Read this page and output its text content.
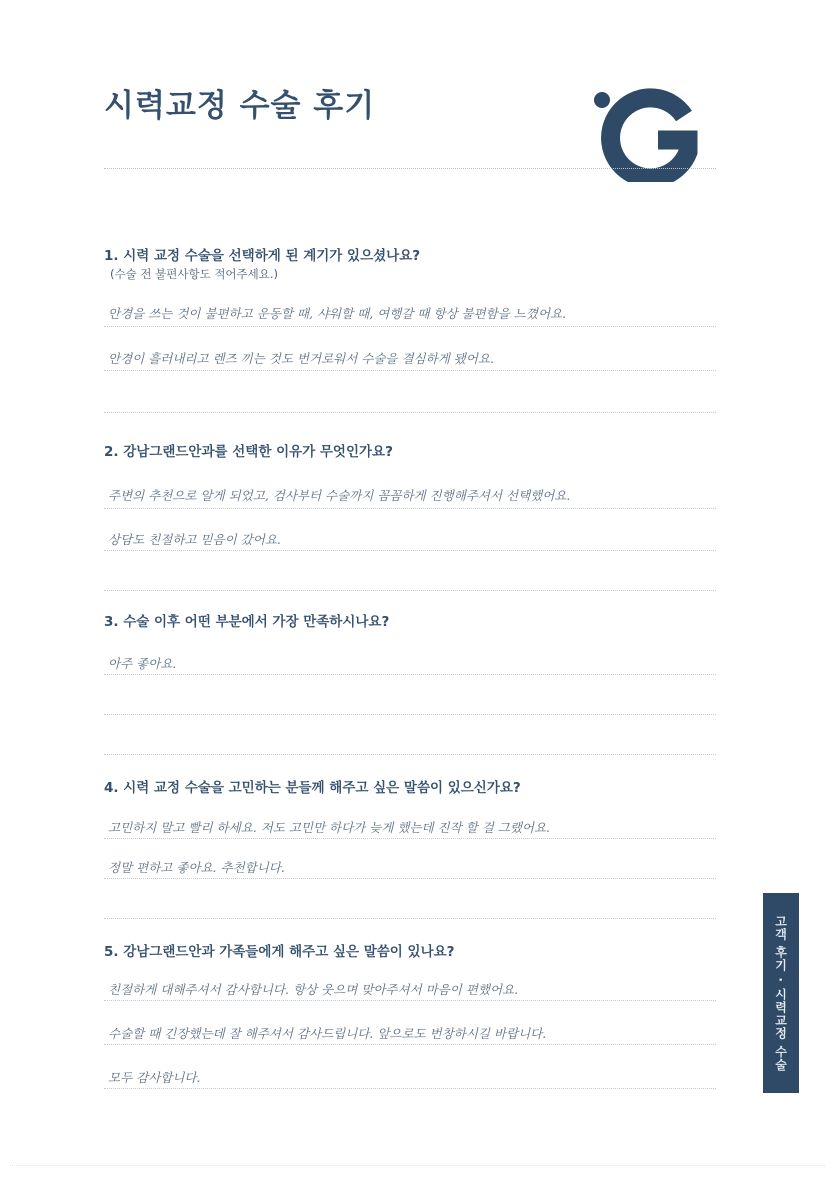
시력교정 수술 후기
1. 시력 교정 수술을 선택하게 된 계기가 있으셨나요?
(수술 전 불편사항도 적어주세요.)
안경을 쓰는 것이 불편하고 운동할 때, 샤워할 때, 여행갈 때 항상 불편함을 느꼈어요.
안경이 흘러내리고 렌즈 끼는 것도 번거로워서 수술을 결심하게 됐어요.
2. 강남그랜드안과를 선택한 이유가 무엇인가요?
주변의 추천으로 알게 되었고, 검사부터 수술까지 꼼꼼하게 진행해주셔서 선택했어요.
상담도 친절하고 믿음이 갔어요.
3. 수술 이후 어떤 부분에서 가장 만족하시나요?
아주 좋아요.
4. 시력 교정 수술을 고민하는 분들께 해주고 싶은 말씀이 있으신가요?
고민하지 말고 빨리 하세요. 저도 고민만 하다가 늦게 했는데 진작 할 걸 그랬어요.
정말 편하고 좋아요. 추천합니다.
5. 강남그랜드안과 가족들에게 해주고 싶은 말씀이 있나요?
친절하게 대해주셔서 감사합니다. 항상 웃으며 맞아주셔서 마음이 편했어요.
수술할 때 긴장했는데 잘 해주셔서 감사드립니다. 앞으로도 번창하시길 바랍니다.
모두 감사합니다.
고객 후기 · 시력교정 수술
